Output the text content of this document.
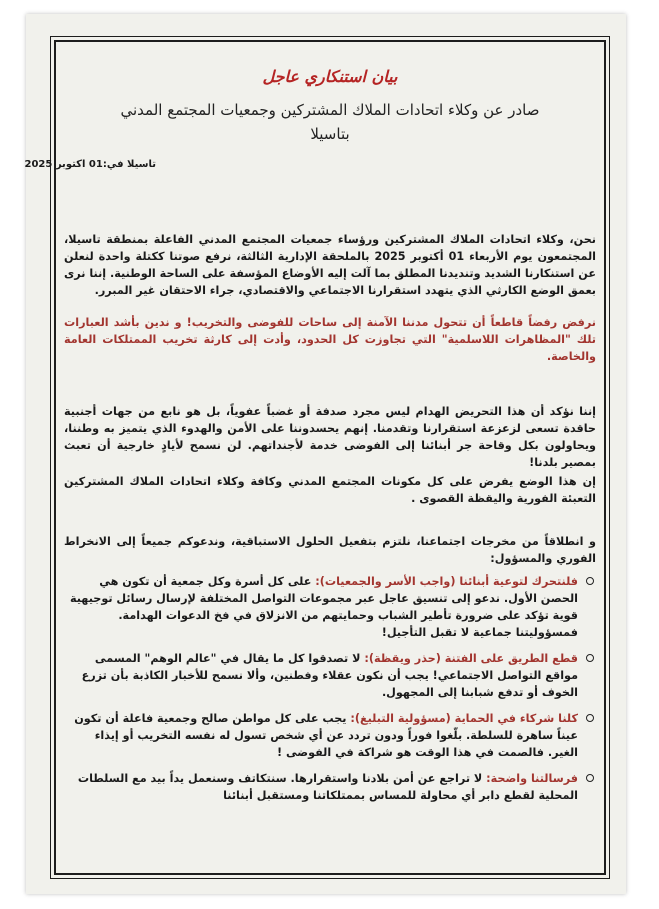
بيان استنكاري عاجل
صادر عن وكلاء اتحادات الملاك المشتركين وجمعيات المجتمع المدني
بتاسيلا
تاسيلا في:01 اكتوبر 2025

نحن، وكلاء اتحادات الملاك المشتركين ورؤساء جمعيات المجتمع المدني الفاعلة بمنطقة تاسيلا، المجتمعون يوم الأربعاء 01 أكتوبر 2025 بالملحقة الإدارية الثالثة، نرفع صوتنا ككتلة واحدة لنعلن عن استنكارنا الشديد وتنديدنا المطلق بما آلت إليه الأوضاع المؤسفة على الساحة الوطنية. إننا نرى بعمق الوضع الكارثي الذي يتهدد استقرارنا الاجتماعي والاقتصادي، جراء الاحتقان غير المبرر.

نرفض رفضاً قاطعاً أن تتحول مدننا الآمنة إلى ساحات للفوضى والتخريب! و ندين بأشد العبارات تلك "المظاهرات اللاسلمية" التي تجاوزت كل الحدود، وأدت إلى كارثة تخريب الممتلكات العامة والخاصة.

إننا نؤكد أن هذا التحريض الهدام ليس مجرد صدفة أو غضباً عفوياً، بل هو نابع من جهات أجنبية حاقدة تسعى لزعزعة استقرارنا وتقدمنا. إنهم يحسدوننا على الأمن والهدوء الذي يتميز به وطننا، ويحاولون بكل وقاحة جر أبنائنا إلى الفوضى خدمة لأجنداتهم. لن نسمح لأيادٍ خارجية أن تعبث بمصير بلدنا!

إن هذا الوضع يفرض على كل مكونات المجتمع المدني وكافة وكلاء اتحادات الملاك المشتركين التعبئة الفورية واليقظة القصوى .

و انطلاقاً من مخرجات اجتماعنا، نلتزم بتفعيل الحلول الاستباقية، وندعوكم جميعاً إلى الانخراط الفوري والمسؤول:

فلنتحرك لتوعية أبنائنا (واجب الأسر والجمعيات): على كل أسرة وكل جمعية أن تكون هي الحصن الأول. ندعو إلى تنسيق عاجل عبر مجموعات التواصل المختلفة لإرسال رسائل توجيهية قوية تؤكد على ضرورة تأطير الشباب وحمايتهم من الانزلاق في فخ الدعوات الهدامة. فمسؤوليتنا جماعية لا تقبل التأجيل!
قطع الطريق على الفتنة (حذر ويقظة): لا تصدقوا كل ما يقال في "عالم الوهم" المسمى مواقع التواصل الاجتماعي! يجب أن نكون عقلاء وفطنين، وألا نسمح للأخبار الكاذبة بأن تزرع الخوف أو تدفع شبابنا إلى المجهول.
كلنا شركاء في الحماية (مسؤولية التبليغ): يجب على كل مواطن صالح وجمعية فاعلة أن تكون عيناً ساهرة للسلطة. بلّغوا فوراً ودون تردد عن أي شخص تسول له نفسه التخريب أو إيذاء الغير. فالصمت في هذا الوقت هو شراكة في الفوضى !
فرسالتنا واضحة: لا تراجع عن أمن بلادنا واستقرارها. سنتكاتف وسنعمل يداً بيد مع السلطات المحلية لقطع دابر أي محاولة للمساس بممتلكاتنا ومستقبل أبنائنا
